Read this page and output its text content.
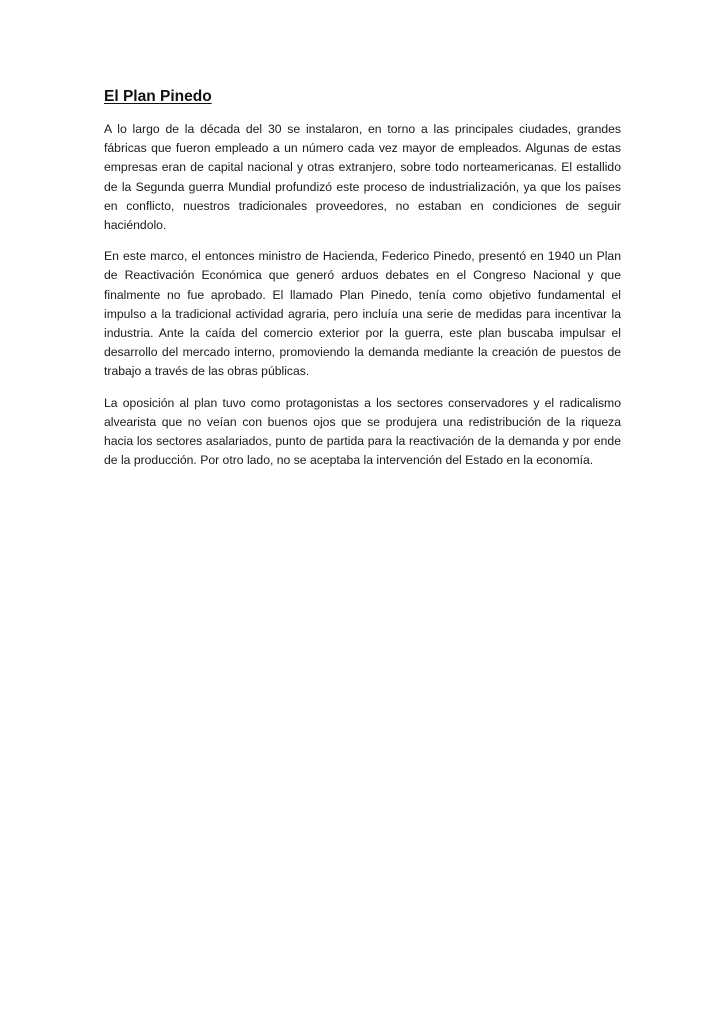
El Plan Pinedo

A lo largo de la década del 30 se instalaron, en torno a las principales ciudades, grandes fábricas que fueron empleado a un número cada vez mayor de empleados. Algunas de estas empresas eran de capital nacional y otras extranjero, sobre todo norteamericanas. El estallido de la Segunda guerra Mundial profundizó este proceso de industrialización, ya que los países en conflicto, nuestros tradicionales proveedores, no estaban en condiciones de seguir haciéndolo.

En este marco, el entonces ministro de Hacienda, Federico Pinedo, presentó en 1940 un Plan de Reactivación Económica que generó arduos debates en el Congreso Nacional y que finalmente no fue aprobado. El llamado Plan Pinedo, tenía como objetivo fundamental el impulso a la tradicional actividad agraria, pero incluía una serie de medidas para incentivar la industria. Ante la caída del comercio exterior por la guerra, este plan buscaba impulsar el desarrollo del mercado interno, promoviendo la demanda mediante la creación de puestos de trabajo a través de las obras públicas.

La oposición al plan tuvo como protagonistas a los sectores conservadores y el radicalismo alvearista que no veían con buenos ojos que se produjera una redistribución de la riqueza hacia los sectores asalariados, punto de partida para la reactivación de la demanda y por ende de la producción. Por otro lado, no se aceptaba la intervención del Estado en la economía.
